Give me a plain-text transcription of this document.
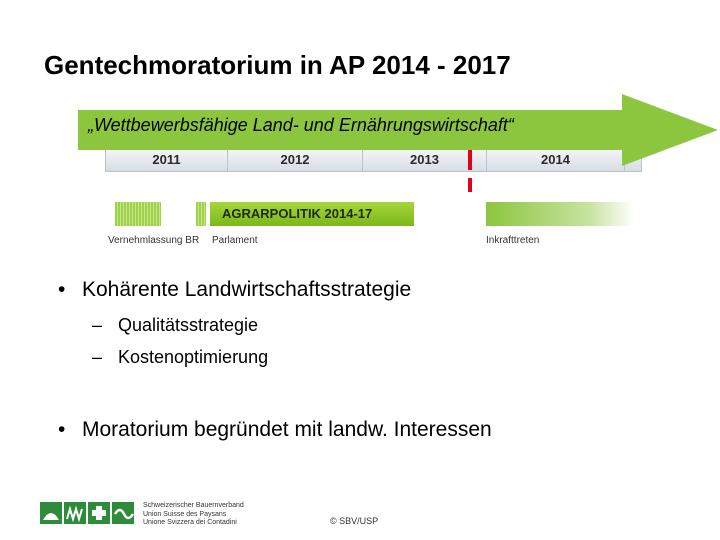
Gentechmoratorium in AP 2014 - 2017
2011	2012	2013	2014
„Wettbewerbsfähige Land- und Ernährungswirtschaft“
AGRARPOLITIK 2014-17
Vernehmlassung BR Parlament	Inkrafttreten
• Kohärente Landwirtschaftsstrategie
– Qualitätsstrategie
– Kostenoptimierung
• Moratorium begründet mit landw. Interessen
Schweizerischer Bauernverband
Union Suisse des Paysans
Unione Svizzera dei Contadini	© SBV/USP
